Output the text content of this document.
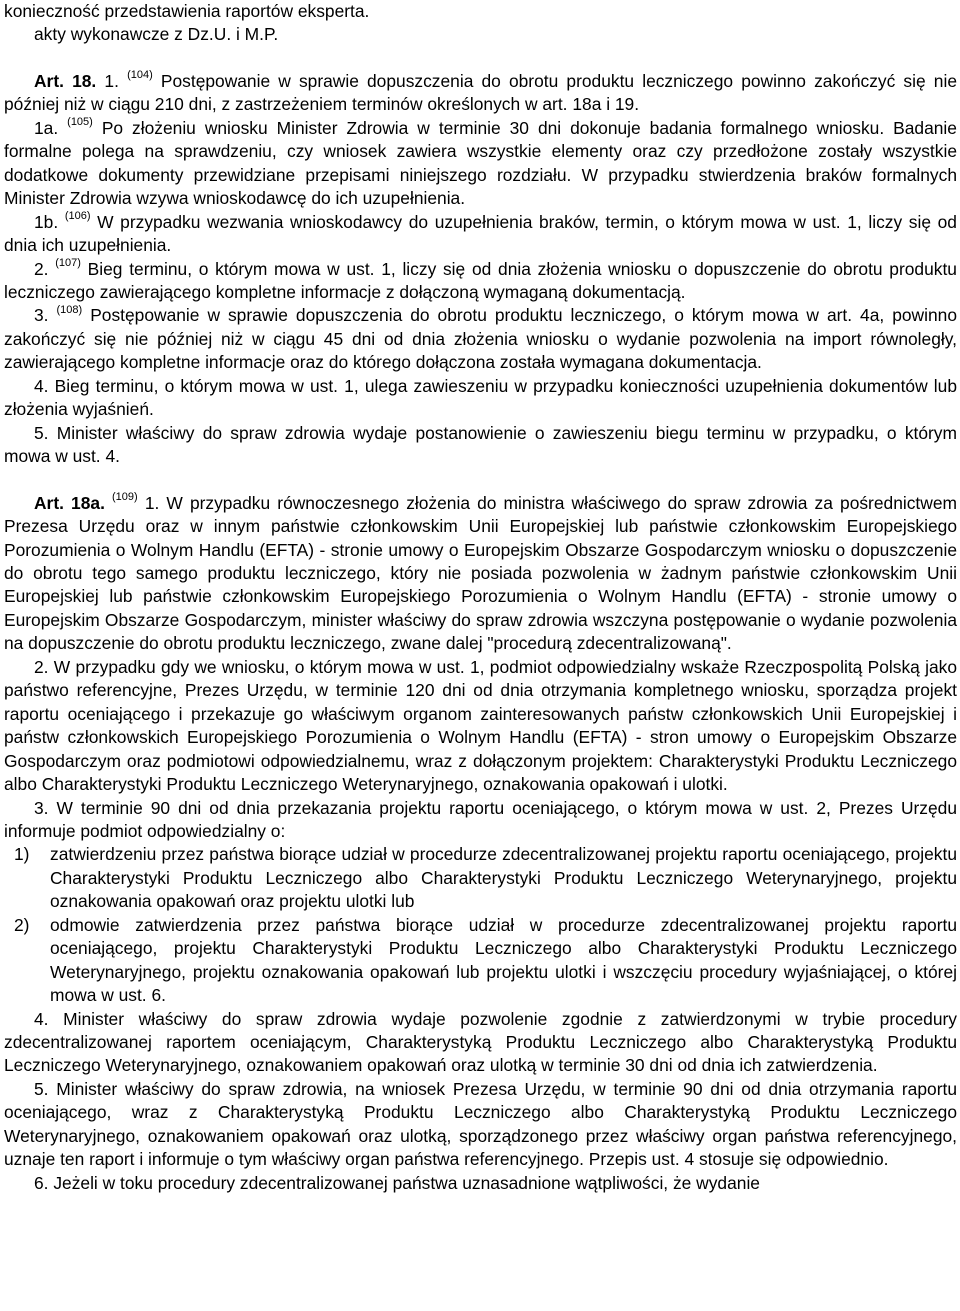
konieczność przedstawienia raportów eksperta.

akty wykonawcze z Dz.U. i M.P.

Art. 18. 1. $^{(104)}$ Postępowanie w sprawie dopuszczenia do obrotu produktu leczniczego powinno zakończyć się nie później niż w ciągu 210 dni, z zastrzeżeniem terminów określonych w art. 18a i 19.

1a. $^{(105)}$ Po złożeniu wniosku Minister Zdrowia w terminie 30 dni dokonuje badania formalnego wniosku. Badanie formalne polega na sprawdzeniu, czy wniosek zawiera wszystkie elementy oraz czy przedłożone zostały wszystkie dodatkowe dokumenty przewidziane przepisami niniejszego rozdziału. W przypadku stwierdzenia braków formalnych Minister Zdrowia wzywa wnioskodawcę do ich uzupełnienia.

1b. $^{(106)}$ W przypadku wezwania wnioskodawcy do uzupełnienia braków, termin, o którym mowa w ust. 1, liczy się od dnia ich uzupełnienia.

2. $^{(107)}$ Bieg terminu, o którym mowa w ust. 1, liczy się od dnia złożenia wniosku o dopuszczenie do obrotu produktu leczniczego zawierającego kompletne informacje z dołączoną wymaganą dokumentacją.

3. $^{(108)}$ Postępowanie w sprawie dopuszczenia do obrotu produktu leczniczego, o którym mowa w art. 4a, powinno zakończyć się nie później niż w ciągu 45 dni od dnia złożenia wniosku o wydanie pozwolenia na import równoległy, zawierającego kompletne informacje oraz do którego dołączona została wymagana dokumentacja.

4. Bieg terminu, o którym mowa w ust. 1, ulega zawieszeniu w przypadku konieczności uzupełnienia dokumentów lub złożenia wyjaśnień.

5. Minister właściwy do spraw zdrowia wydaje postanowienie o zawieszeniu biegu terminu w przypadku, o którym mowa w ust. 4.

Art. 18a. $^{(109)}$ 1. W przypadku równoczesnego złożenia do ministra właściwego do spraw zdrowia za pośrednictwem Prezesa Urzędu oraz w innym państwie członkowskim Unii Europejskiej lub państwie członkowskim Europejskiego Porozumienia o Wolnym Handlu (EFTA) - stronie umowy o Europejskim Obszarze Gospodarczym wniosku o dopuszczenie do obrotu tego samego produktu leczniczego, który nie posiada pozwolenia w żadnym państwie członkowskim Unii Europejskiej lub państwie członkowskim Europejskiego Porozumienia o Wolnym Handlu (EFTA) - stronie umowy o Europejskim Obszarze Gospodarczym, minister właściwy do spraw zdrowia wszczyna postępowanie o wydanie pozwolenia na dopuszczenie do obrotu produktu leczniczego, zwane dalej "procedurą zdecentralizowaną".

2. W przypadku gdy we wniosku, o którym mowa w ust. 1, podmiot odpowiedzialny wskaże Rzeczpospolitą Polską jako państwo referencyjne, Prezes Urzędu, w terminie 120 dni od dnia otrzymania kompletnego wniosku, sporządza projekt raportu oceniającego i przekazuje go właściwym organom zainteresowanych państw członkowskich Unii Europejskiej i państw członkowskich Europejskiego Porozumienia o Wolnym Handlu (EFTA) - stron umowy o Europejskim Obszarze Gospodarczym oraz podmiotowi odpowiedzialnemu, wraz z dołączonym projektem: Charakterystyki Produktu Leczniczego albo Charakterystyki Produktu Leczniczego Weterynaryjnego, oznakowania opakowań i ulotki.

3. W terminie 90 dni od dnia przekazania projektu raportu oceniającego, o którym mowa w ust. 2, Prezes Urzędu informuje podmiot odpowiedzialny o:

1)	zatwierdzeniu przez państwa biorące udział w procedurze zdecentralizowanej projektu raportu oceniającego, projektu Charakterystyki Produktu Leczniczego albo Charakterystyki Produktu Leczniczego Weterynaryjnego, projektu oznakowania opakowań oraz projektu ulotki lub
2)	odmowie zatwierdzenia przez państwa biorące udział w procedurze zdecentralizowanej projektu raportu oceniającego, projektu Charakterystyki Produktu Leczniczego albo Charakterystyki Produktu Leczniczego Weterynaryjnego, projektu oznakowania opakowań lub projektu ulotki i wszczęciu procedury wyjaśniającej, o której mowa w ust. 6.

4. Minister właściwy do spraw zdrowia wydaje pozwolenie zgodnie z zatwierdzonymi w trybie procedury zdecentralizowanej raportem oceniającym, Charakterystyką Produktu Leczniczego albo Charakterystyką Produktu Leczniczego Weterynaryjnego, oznakowaniem opakowań oraz ulotką w terminie 30 dni od dnia ich zatwierdzenia.

5. Minister właściwy do spraw zdrowia, na wniosek Prezesa Urzędu, w terminie 90 dni od dnia otrzymania raportu oceniającego, wraz z Charakterystyką Produktu Leczniczego albo Charakterystyką Produktu Leczniczego Weterynaryjnego, oznakowaniem opakowań oraz ulotką, sporządzonego przez właściwy organ państwa referencyjnego, uznaje ten raport i informuje o tym właściwy organ państwa referencyjnego. Przepis ust. 4 stosuje się odpowiednio.

6. Jeżeli w toku procedury zdecentralizowanej państwa uznasadnione wątpliwości, że wydanie
